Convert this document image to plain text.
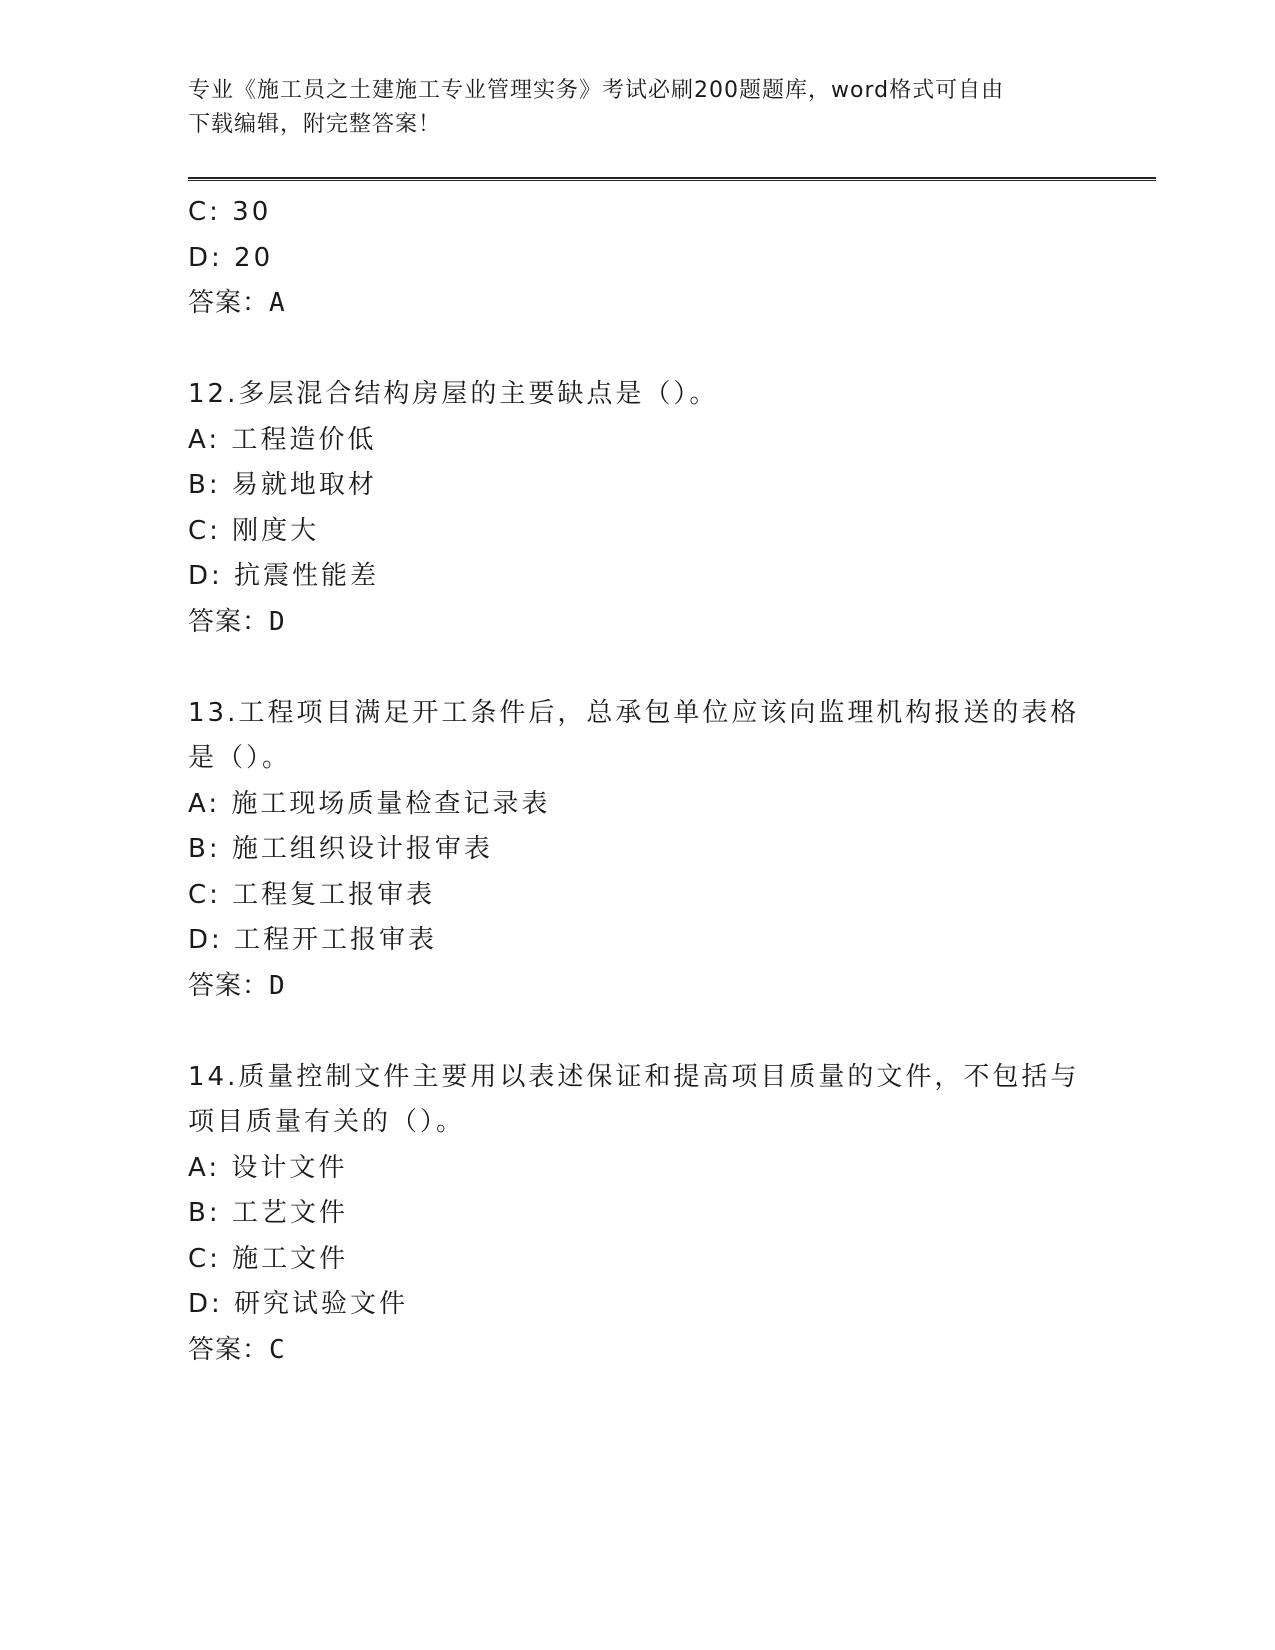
专业《施工员之土建施工专业管理实务》考试必刷200题题库，word格式可自由
下载编辑，附完整答案！
C: 30
D: 20
答案：A
12.多层混合结构房屋的主要缺点是（）。
A: 工程造价低
B: 易就地取材
C: 刚度大
D: 抗震性能差
答案：D
13.工程项目满足开工条件后，总承包单位应该向监理机构报送的表格
是（）。
A: 施工现场质量检查记录表
B: 施工组织设计报审表
C: 工程复工报审表
D: 工程开工报审表
答案：D
14.质量控制文件主要用以表述保证和提高项目质量的文件，不包括与
项目质量有关的（）。
A: 设计文件
B: 工艺文件
C: 施工文件
D: 研究试验文件
答案：C
